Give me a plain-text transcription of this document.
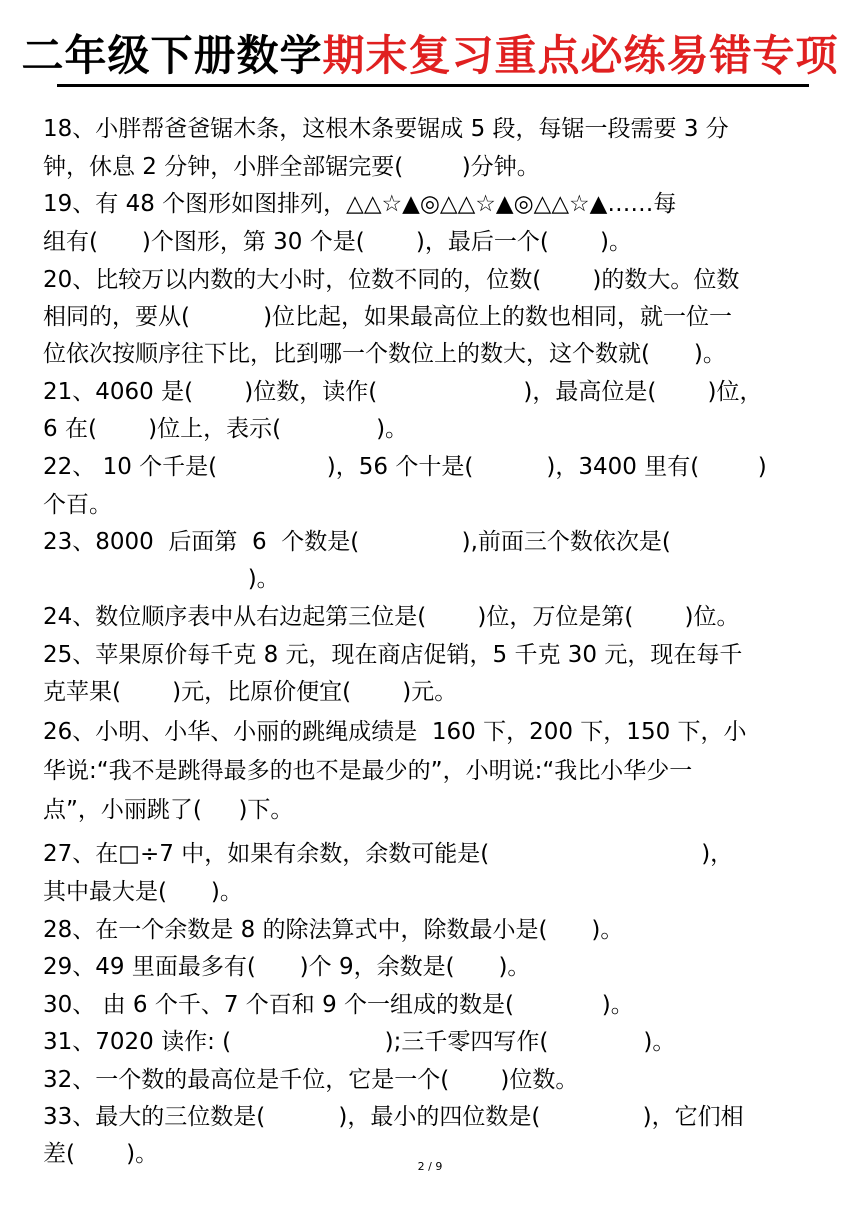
二年级下册数学期末复习重点必练易错专项
18、小胖帮爸爸锯木条，这根木条要锯成 5 段，每锯一段需要 3 分
钟，休息 2 分钟，小胖全部锯完要(        )分钟。
19、有 48 个图形如图排列，△△☆▲◎△△☆▲◎△△☆▲……每
组有(      )个图形，第 30 个是(       )，最后一个(       )。
20、比较万以内数的大小时，位数不同的，位数(       )的数大。位数
相同的，要从(          )位比起，如果最高位上的数也相同，就一位一
位依次按顺序往下比，比到哪一个数位上的数大，这个数就(      )。
21、4060 是(       )位数，读作(                    )，最高位是(       )位，
6 在(       )位上，表示(             )。
22、 10 个千是(               )，56 个十是(          )，3400 里有(        )
个百。
23、8000  后面第  6  个数是(              ),前面三个数依次是(
)。
24、数位顺序表中从右边起第三位是(       )位，万位是第(       )位。
25、苹果原价每千克 8 元，现在商店促销，5 千克 30 元，现在每千
克苹果(       )元，比原价便宜(       )元。
26、小明、小华、小丽的跳绳成绩是  160 下，200 下，150 下，小
华说:“我不是跳得最多的也不是最少的”，小明说:“我比小华少一
点”，小丽跳了(     )下。
27、在□÷7 中，如果有余数，余数可能是(                             )，
其中最大是(      )。
28、在一个余数是 8 的除法算式中，除数最小是(      )。
29、49 里面最多有(      )个 9，余数是(      )。
30、 由 6 个千、7 个百和 9 个一组成的数是(            )。
31、7020 读作: (                     );三千零四写作(             )。
32、一个数的最高位是千位，它是一个(       )位数。
33、最大的三位数是(          )，最小的四位数是(              )，它们相
差(       )。	2 / 9
